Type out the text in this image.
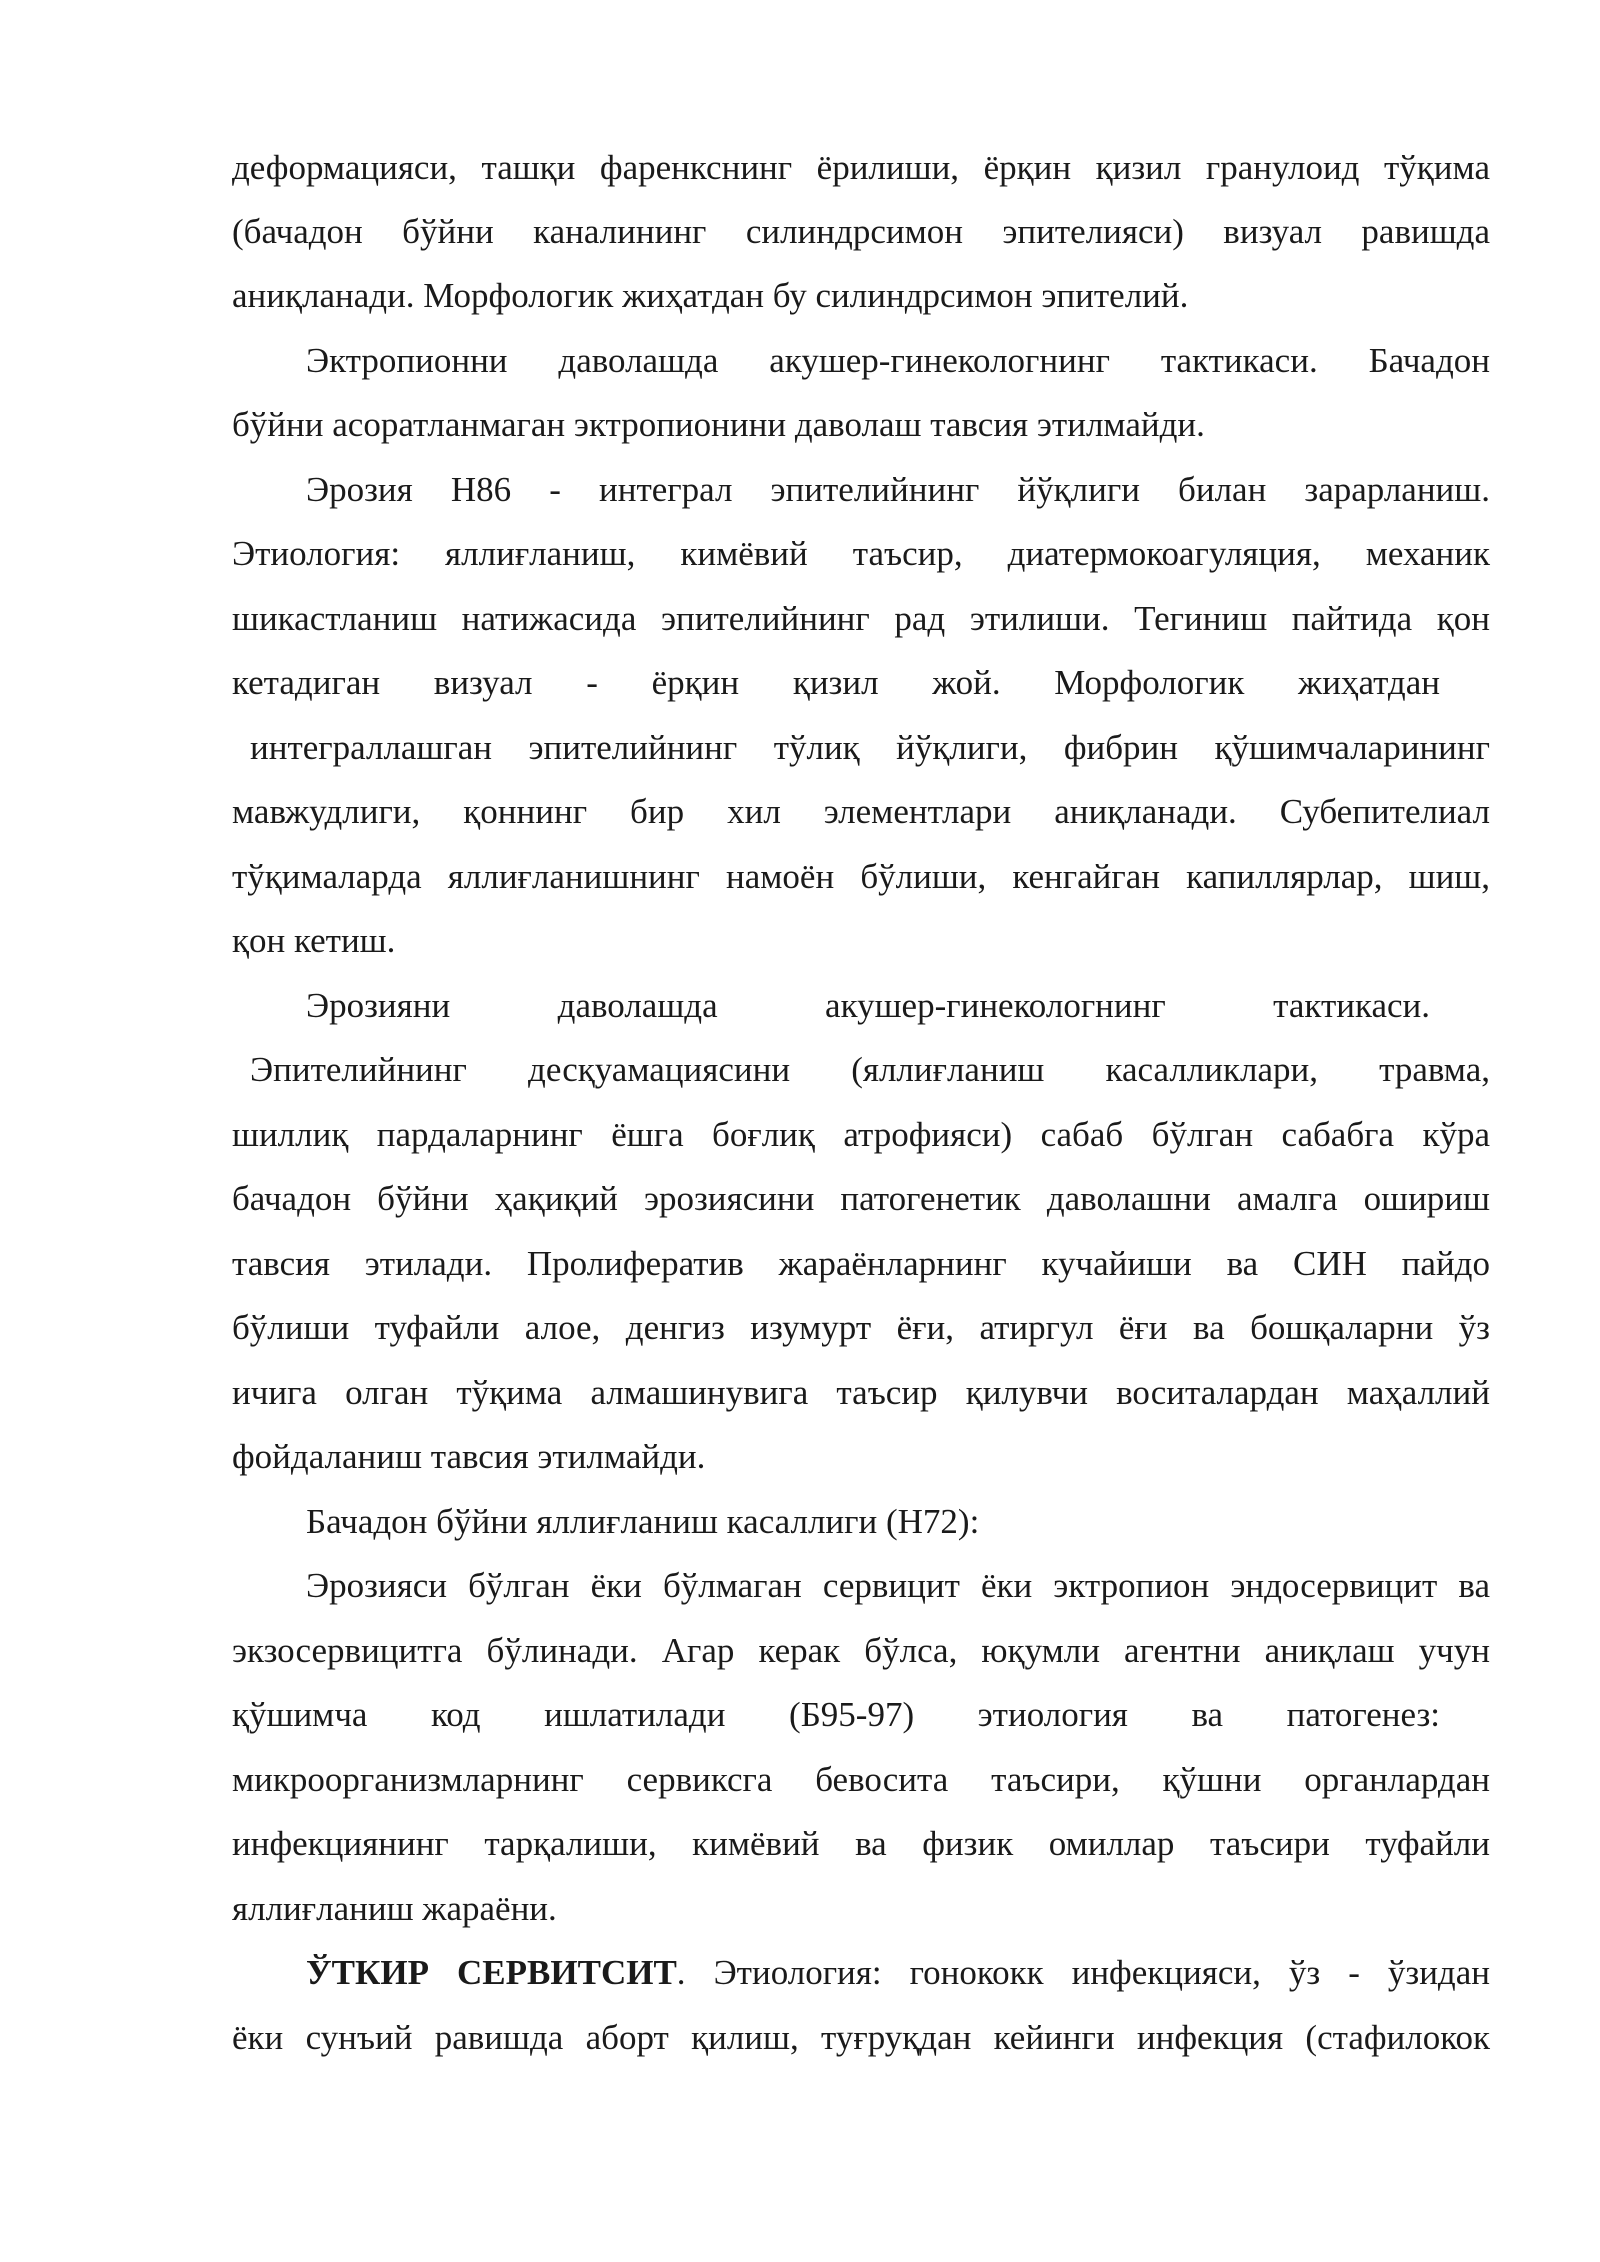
деформацияси, ташқи фаренкснинг ёрилиши, ёрқин қизил гранулоид тўқима
(бачадон бўйни каналининг силиндрсимон эпителияси) визуал равишда
аниқланади. Морфологик жиҳатдан бу силиндрсимон эпителий.
Эктропионни даволашда акушер-гинекологнинг тактикаси. Бачадон
бўйни асоратланмаган эктропионини даволаш тавсия этилмайди.
Эрозия Н86 - интеграл эпителийнинг йўқлиги билан зарарланиш.
Этиология: яллиғланиш, кимёвий таъсир, диатермокоагуляция, механик
шикастланиш натижасида эпителийнинг рад этилиши. Тегиниш пайтида қон
кетадиган визуал - ёрқин қизил жой. Морфологик жиҳатдан
интеграллашган эпителийнинг тўлиқ йўқлиги, фибрин қўшимчаларининг
мавжудлиги, қоннинг бир хил элементлари аниқланади. Субепителиал
тўқималарда яллиғланишнинг намоён бўлиши, кенгайган капиллярлар, шиш,
қон кетиш.
Эрозияни даволашда акушер-гинекологнинг тактикаси.
Эпителийнинг десқуамациясини (яллиғланиш касалликлари, травма,
шиллиқ пардаларнинг ёшга боғлиқ атрофияси) сабаб бўлган сабабга кўра
бачадон бўйни ҳақиқий эрозиясини патогенетик даволашни амалга ошириш
тавсия этилади. Пролифератив жараёнларнинг кучайиши ва СИН пайдо
бўлиши туфайли алое, денгиз изумурт ёғи, атиргул ёғи ва бошқаларни ўз
ичига олган тўқима алмашинувига таъсир қилувчи воситалардан маҳаллий
фойдаланиш тавсия этилмайди.
Бачадон бўйни яллиғланиш касаллиги (Н72):
Эрозияси бўлган ёки бўлмаган сервицит ёки эктропион эндосервицит ва
экзосервицитга бўлинади. Агар керак бўлса, юқумли агентни аниқлаш учун
қўшимча код ишлатилади (Б95-97) этиология ва патогенез:
микроорганизмларнинг сервиксга бевосита таъсири, қўшни органлардан
инфекциянинг тарқалиши, кимёвий ва физик омиллар таъсири туфайли
яллиғланиш жараёни.
ЎТКИР СЕРВИТСИТ. Этиология: гонококк инфекцияси, ўз - ўзидан
ёки сунъий равишда аборт қилиш, туғруқдан кейинги инфекция (стафилокок
